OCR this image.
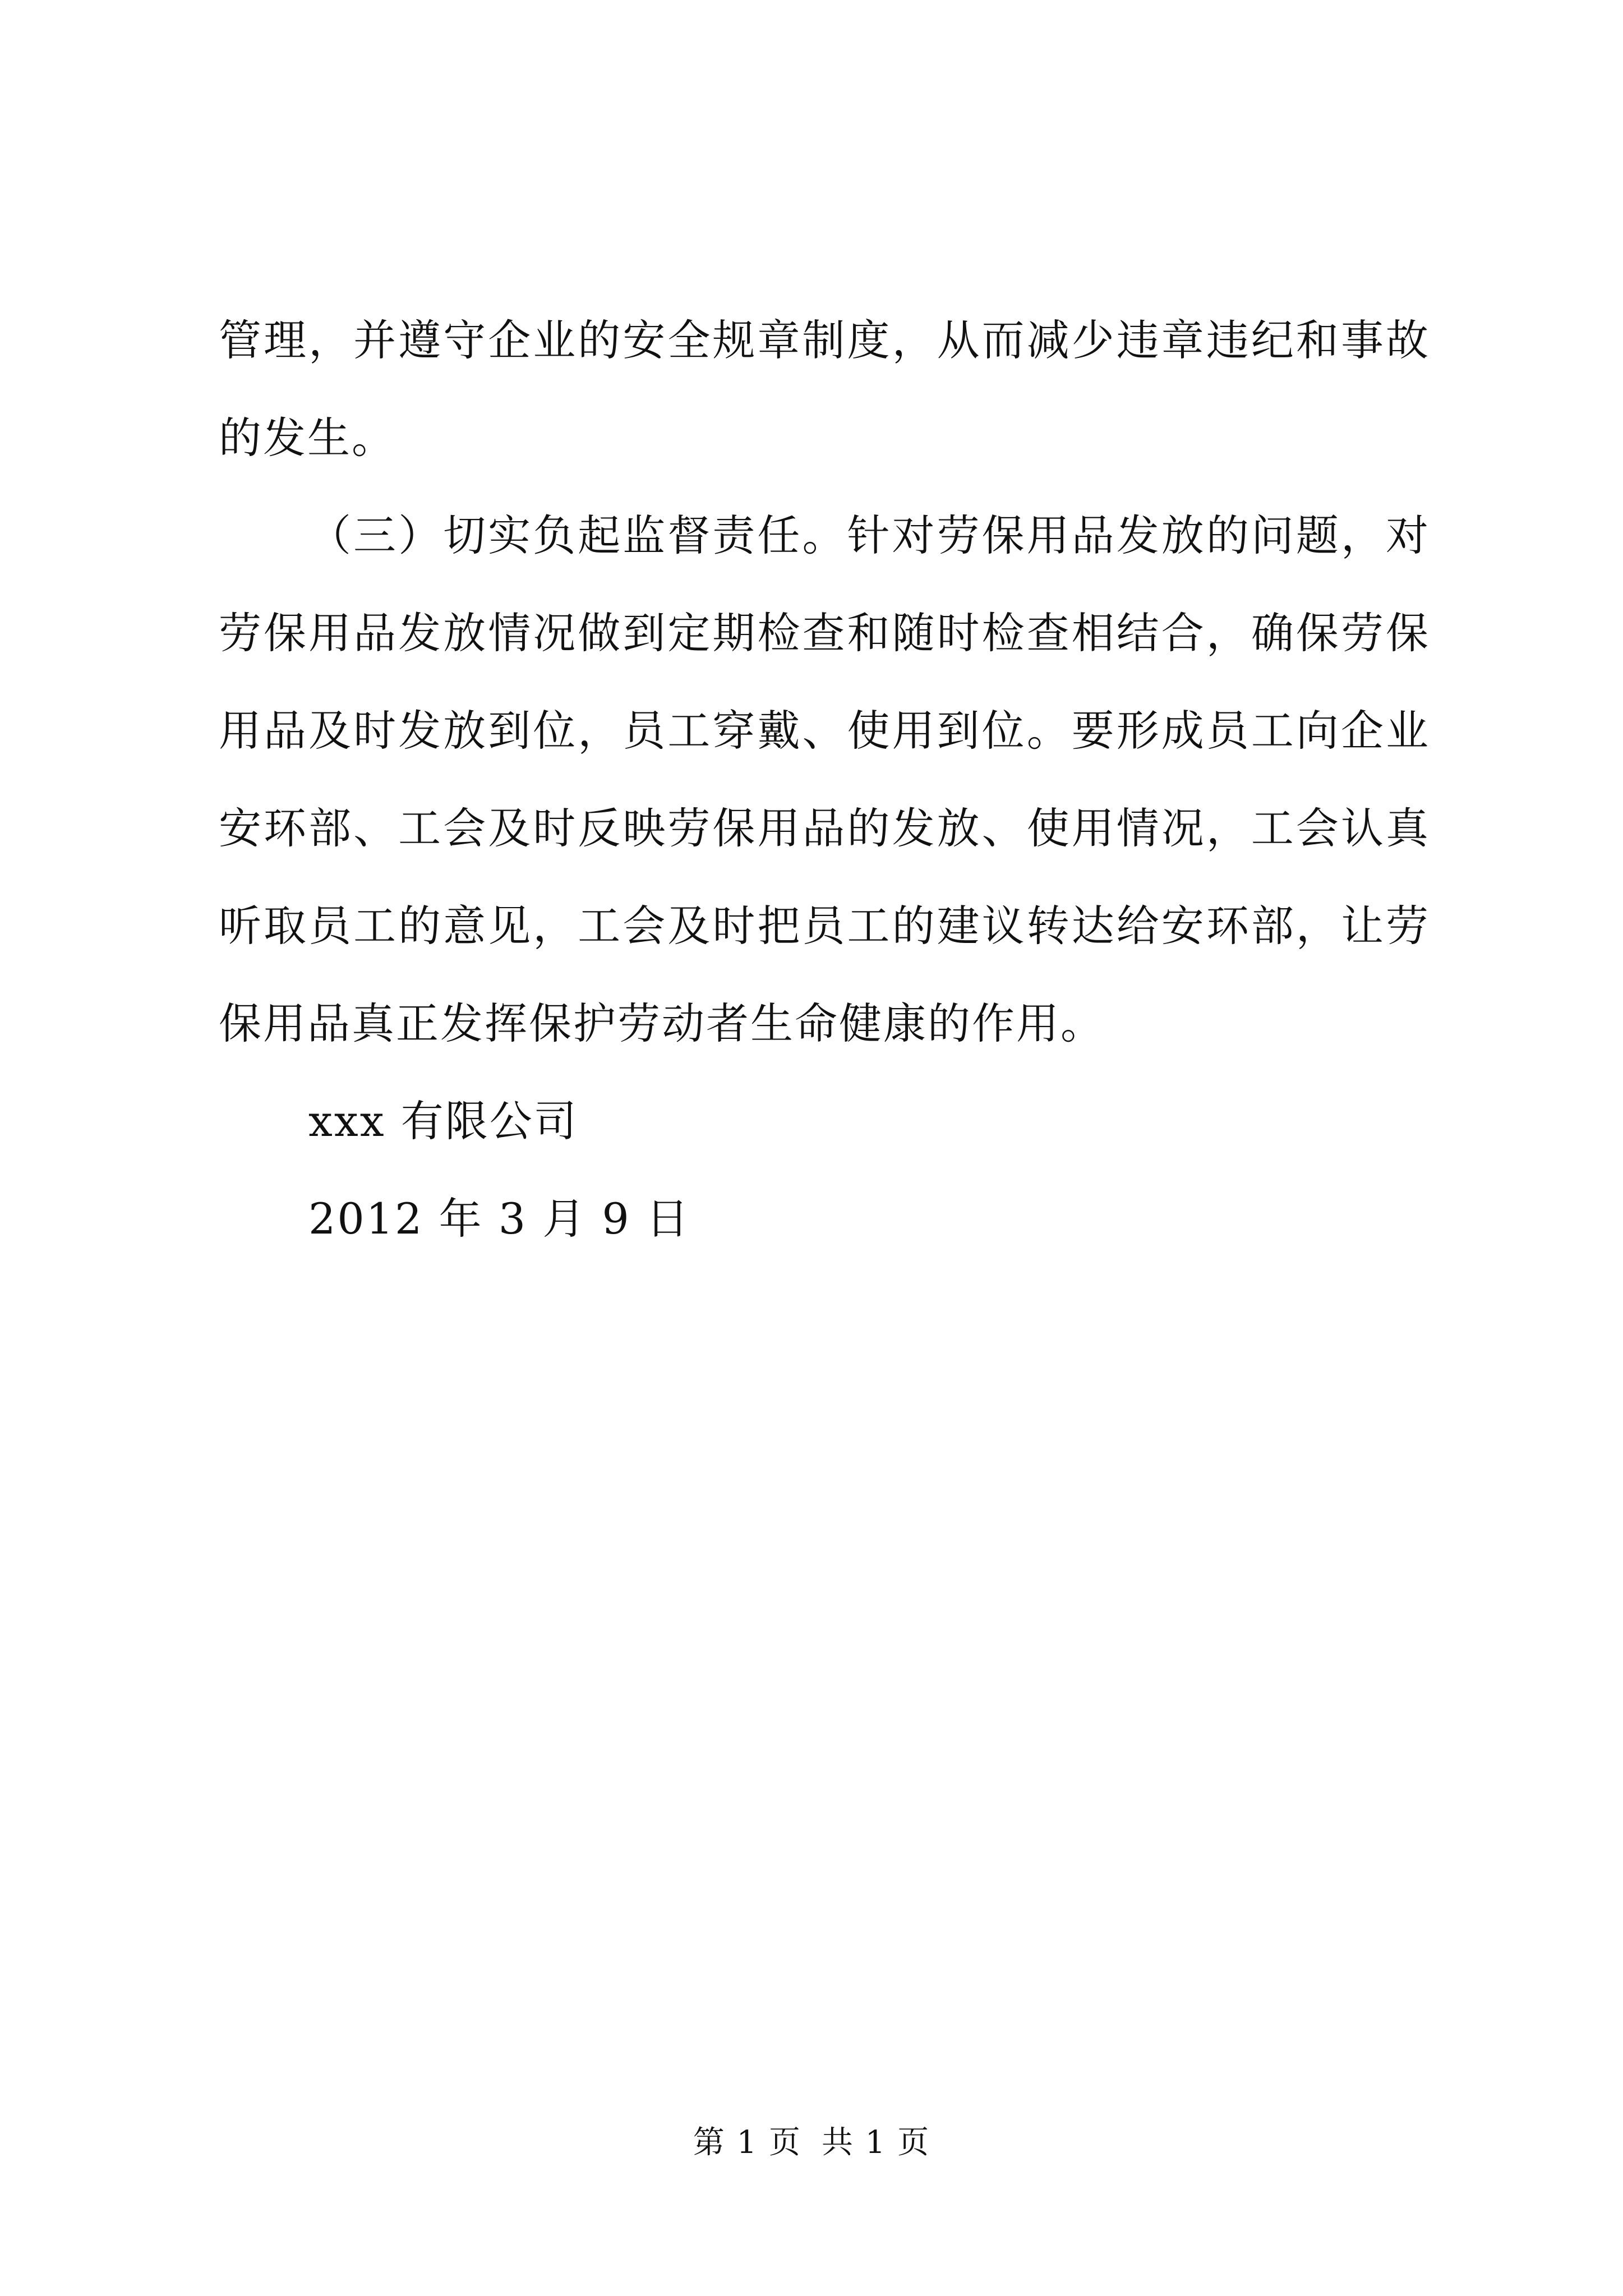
管理，并遵守企业的安全规章制度，从而减少违章违纪和事故的发生。

（三）切实负起监督责任。针对劳保用品发放的问题，对劳保用品发放情况做到定期检查和随时检查相结合，确保劳保用品及时发放到位，员工穿戴、使用到位。要形成员工向企业安环部、工会及时反映劳保用品的发放、使用情况，工会认真听取员工的意见，工会及时把员工的建议转达给安环部，让劳保用品真正发挥保护劳动者生命健康的作用。

xxx 有限公司

2012 年 3 月 9 日

第 1 页 共 1 页
